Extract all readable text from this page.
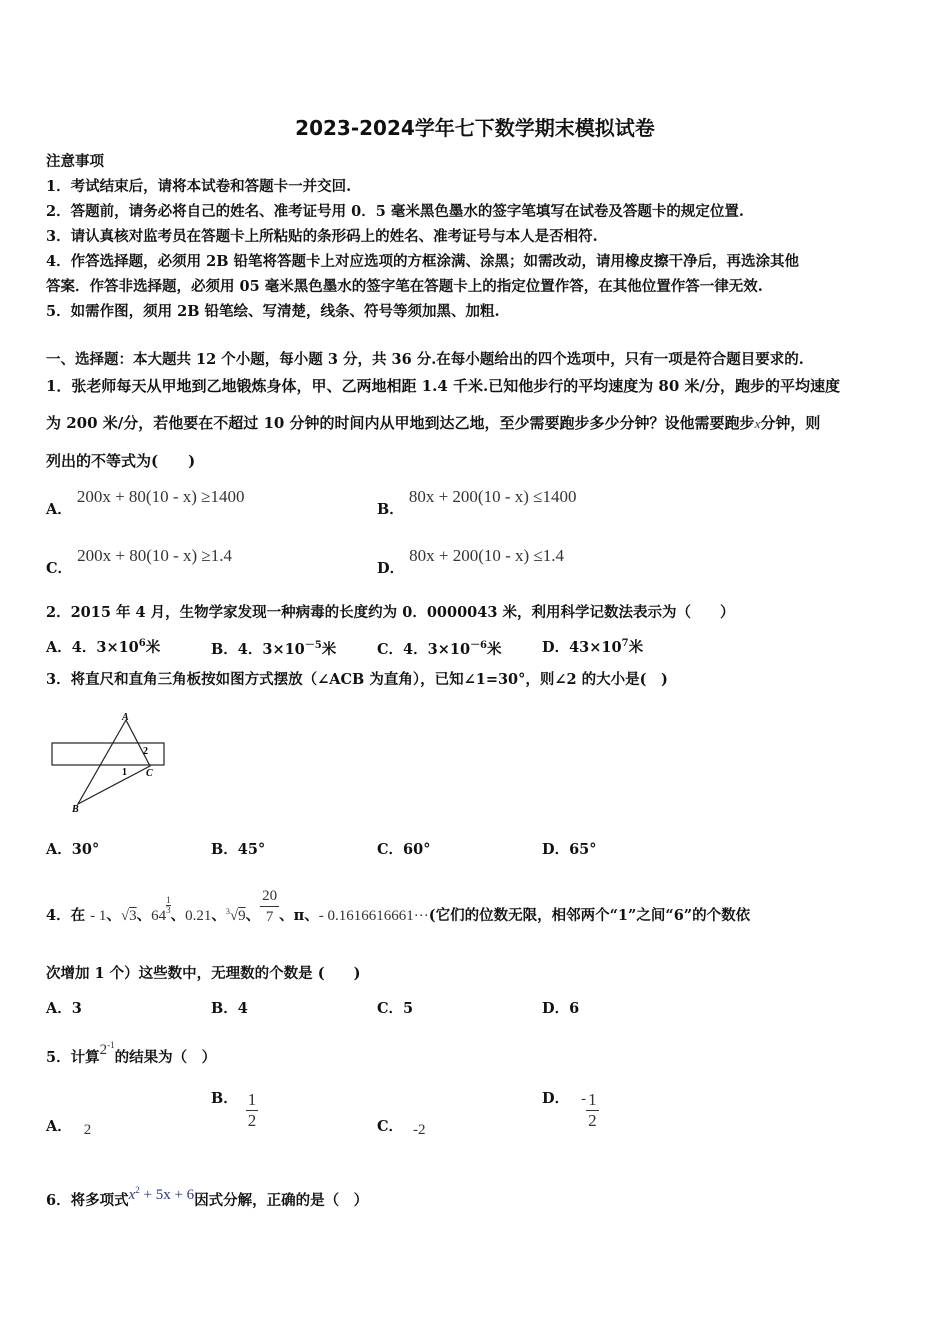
2023-2024学年七下数学期末模拟试卷
注意事项
1．考试结束后，请将本试卷和答题卡一并交回.
2．答题前，请务必将自己的姓名、准考证号用 0．5 毫米黑色墨水的签字笔填写在试卷及答题卡的规定位置.
3．请认真核对监考员在答题卡上所粘贴的条形码上的姓名、准考证号与本人是否相符.
4．作答选择题，必须用 2B 铅笔将答题卡上对应选项的方框涂满、涂黑；如需改动，请用橡皮擦干净后，再选涂其他
答案．作答非选择题，必须用 05 毫米黑色墨水的签字笔在答题卡上的指定位置作答，在其他位置作答一律无效.
5．如需作图，须用 2B 铅笔绘、写清楚，线条、符号等须加黑、加粗.
一、选择题：本大题共 12 个小题，每小题 3 分，共 36 分.在每小题给出的四个选项中，只有一项是符合题目要求的.
1．张老师每天从甲地到乙地锻炼身体，甲、乙两地相距 1.4 千米.已知他步行的平均速度为 80 米/分，跑步的平均速度
为 200 米/分，若他要在不超过 10 分钟的时间内从甲地到达乙地，至少需要跑步多少分钟？设他需要跑步x分钟，则
列出的不等式为(　　)
A． 200x + 80(10 - x) ≥1400
B． 80x + 200(10 - x) ≤1400
C． 200x + 80(10 - x) ≥1.4
D． 80x + 200(10 - x) ≤1.4
2．2015 年 4 月，生物学家发现一种病毒的长度约为 0．0000043 米，利用科学记数法表示为（　　）
A．4．$3\times 10^6$米	B．4．$3\times 10^{-5}$米	C．4．$3\times 10^{-6}$米	D．$43\times 10^7$米
3．将直尺和直角三角板按如图方式摆放（∠ACB 为直角），已知∠1=30°，则∠2 的大小是(　)
A
B
C
1
2
A．30°	B．45°	C．60°	D．65°
4．在 - 1、√3、64
$\frac{1}{3}$
、0.21、$^3$√9、 $\frac{20}{7}$ 、π、- 0.1616616661···(它们的位数无限，相邻两个“1”之间“6”的个数依
次增加 1 个）这些数中，无理数的个数是 (　　)
A．3	B．4	C．5	D．6
5．计算$2^{-1}$的结果为（　）
A． 2
B． $\frac{1}{2}$	C． -2
D． - $\frac{1}{2}$
6．将多项式$x^2 + 5x + 6$因式分解，正确的是（　）
